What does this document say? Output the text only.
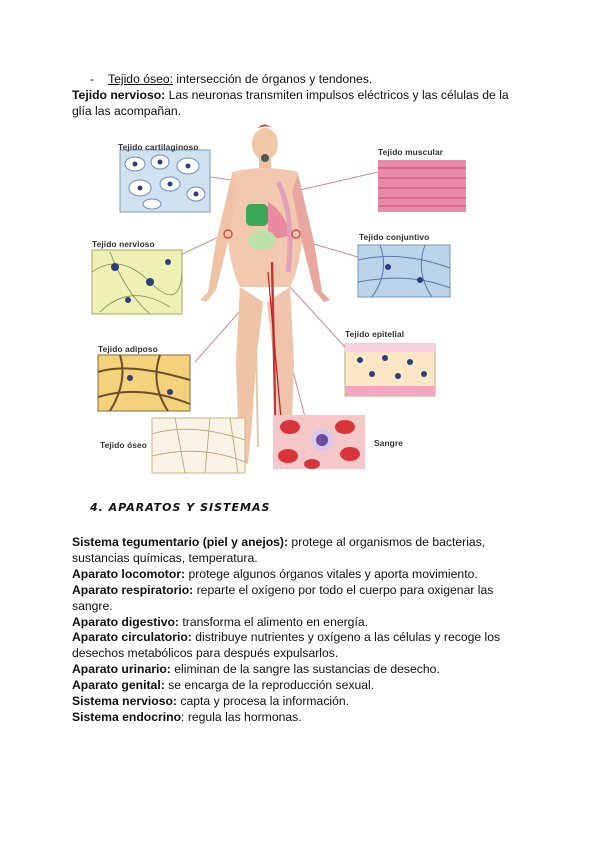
- Tejido óseo: intersección de órganos y tendones.
Tejido nervioso: Las neuronas transmiten impulsos eléctricos y las células de la glía las acompañan.
Tejido cartilaginoso	Tejido muscular
Tejido nervioso
Tejido conjuntivo
Tejido epitelial
Tejido adiposo
Tejido óseo	Sangre
4. APARATOS Y SISTEMAS
Sistema tegumentario (piel y anejos): protege al organismos de bacterias, sustancias químicas, temperatura.
Aparato locomotor: protege algunos órganos vitales y aporta movimiento.
Aparato respiratorio: reparte el oxígeno por todo el cuerpo para oxigenar las sangre.
Aparato digestivo: transforma el alimento en energía.
Aparato circulatorio: distribuye nutrientes y oxígeno a las células y recoge los desechos metabólicos para después expulsarlos.
Aparato urinario: eliminan de la sangre las sustancias de desecho.
Aparato genital: se encarga de la reproducción sexual.
Sistema nervioso: capta y procesa la información.
Sistema endocrino: regula las hormonas.
